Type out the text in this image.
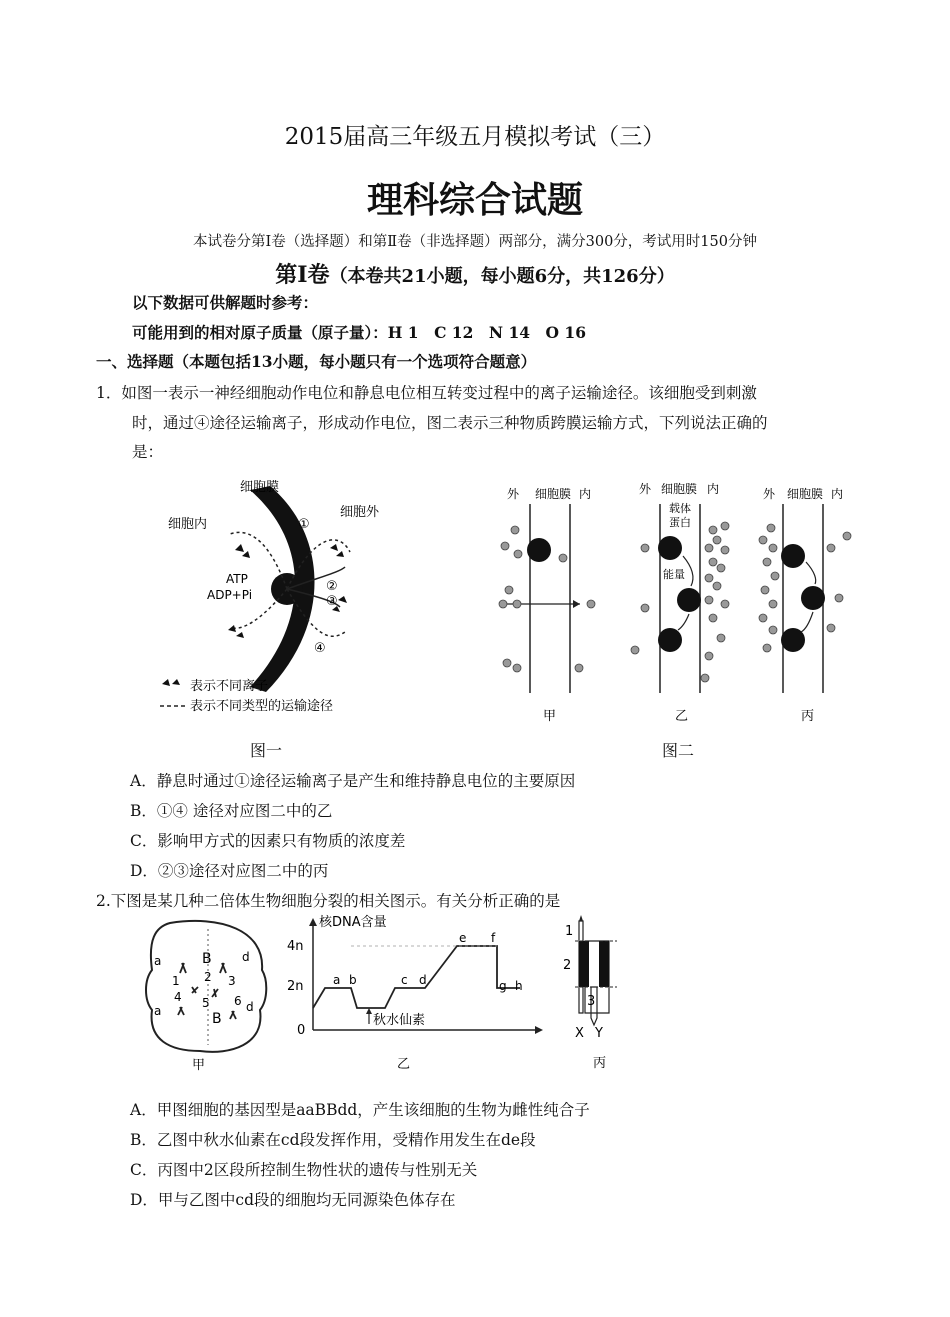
2015届高三年级五月模拟考试（三）
理科综合试题
本试卷分第Ⅰ卷（选择题）和第Ⅱ卷（非选择题）两部分，满分300分，考试用时150分钟
第Ⅰ卷（本卷共21小题，每小题6分，共126分）
以下数据可供解题时参考：
可能用到的相对原子质量（原子量）：H 1　C 12　N 14　O 16
一、选择题（本题包括13小题，每小题只有一个选项符合题意）
1．如图一表示一神经细胞动作电位和静息电位相互转变过程中的离子运输途径。该细胞受到刺激
时，通过④途径运输离子，形成动作电位，图二表示三种物质跨膜运输方式，下列说法正确的
是：
细胞膜
细胞内
细胞外
①
②
③
④
ATP
ADP+Pi
表示不同离子
表示不同类型的运输途径
外 细胞膜 内
甲
外 细胞膜 内
载体
蛋白
能量
乙
外 细胞膜 内
丙
图一	图二
A．静息时通过①途径运输离子是产生和维持静息电位的主要原因
B．①④ 途径对应图二中的乙
C．影响甲方式的因素只有物质的浓度差
D．②③途径对应图二中的丙
2.下图是某几种二倍体生物细胞分裂的相关图示。有关分析正确的是
a	B	d
1 2 3
4 5 6
a	B
d
甲
核DNA含量
4n
2n
0
a b	c d
e f
g h
秋水仙素
乙
1
2
3
X Y
丙
A．甲图细胞的基因型是aaBBdd，产生该细胞的生物为雌性纯合子
B．乙图中秋水仙素在cd段发挥作用，受精作用发生在de段
C．丙图中2区段所控制生物性状的遗传与性别无关
D．甲与乙图中cd段的细胞均无同源染色体存在
